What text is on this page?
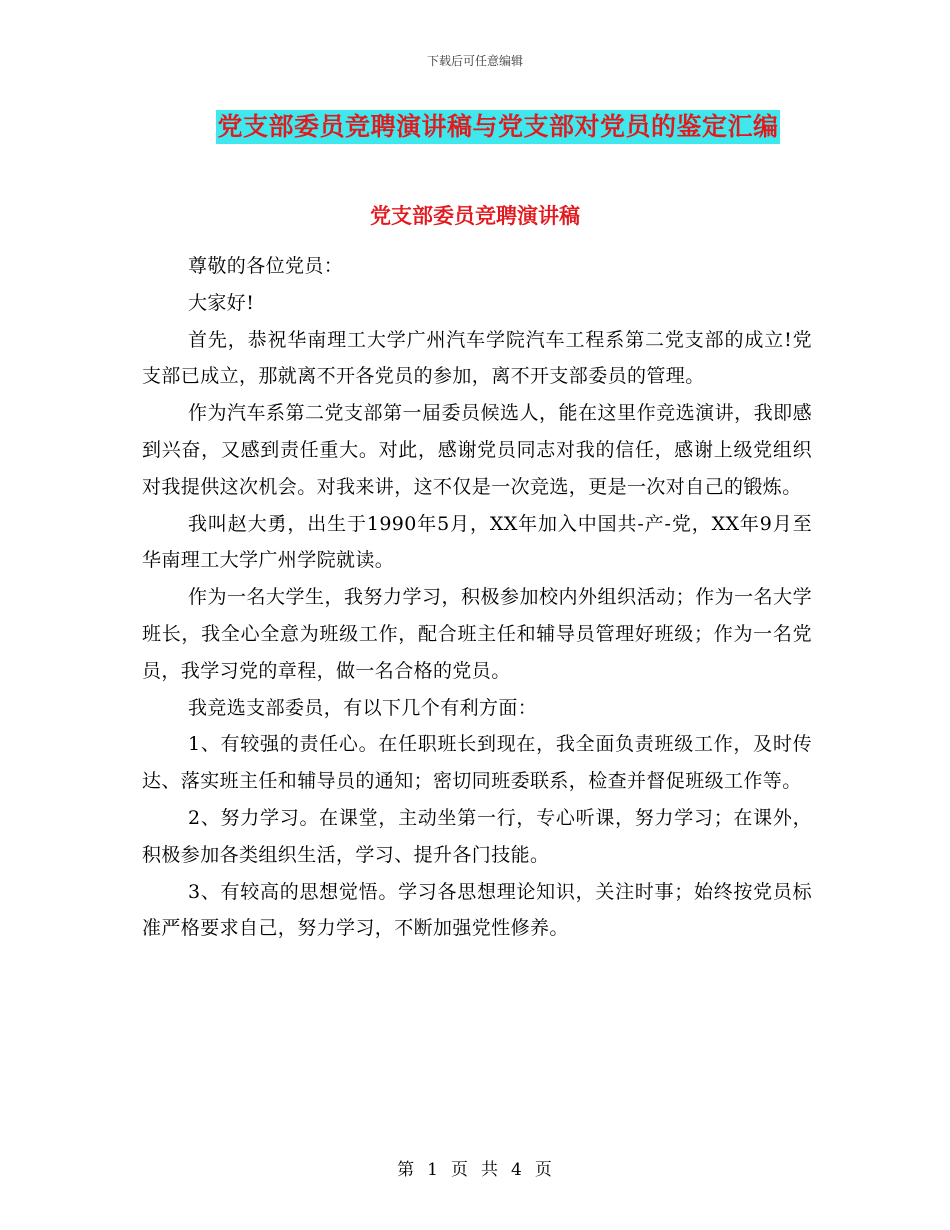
下载后可任意编辑
党支部委员竞聘演讲稿与党支部对党员的鉴定汇编
党支部委员竞聘演讲稿

尊敬的各位党员：

大家好!

首先，恭祝华南理工大学广州汽车学院汽车工程系第二党支部的成立!党支部已成立，那就离不开各党员的参加，离不开支部委员的管理。

作为汽车系第二党支部第一届委员候选人，能在这里作竞选演讲，我即感到兴奋，又感到责任重大。对此，感谢党员同志对我的信任，感谢上级党组织对我提供这次机会。对我来讲，这不仅是一次竞选，更是一次对自己的锻炼。

我叫赵大勇，出生于1990年5月，XX年加入中国共-产-党，XX年9月至华南理工大学广州学院就读。

作为一名大学生，我努力学习，积极参加校内外组织活动；作为一名大学班长，我全心全意为班级工作，配合班主任和辅导员管理好班级；作为一名党员，我学习党的章程，做一名合格的党员。

我竞选支部委员，有以下几个有利方面：

1、有较强的责任心。在任职班长到现在，我全面负责班级工作，及时传达、落实班主任和辅导员的通知；密切同班委联系，检查并督促班级工作等。

2、努力学习。在课堂，主动坐第一行，专心听课，努力学习；在课外，积极参加各类组织生活，学习、提升各门技能。

3、有较高的思想觉悟。学习各思想理论知识，关注时事；始终按党员标准严格要求自己，努力学习，不断加强党性修养。

第 1 页 共 4 页
